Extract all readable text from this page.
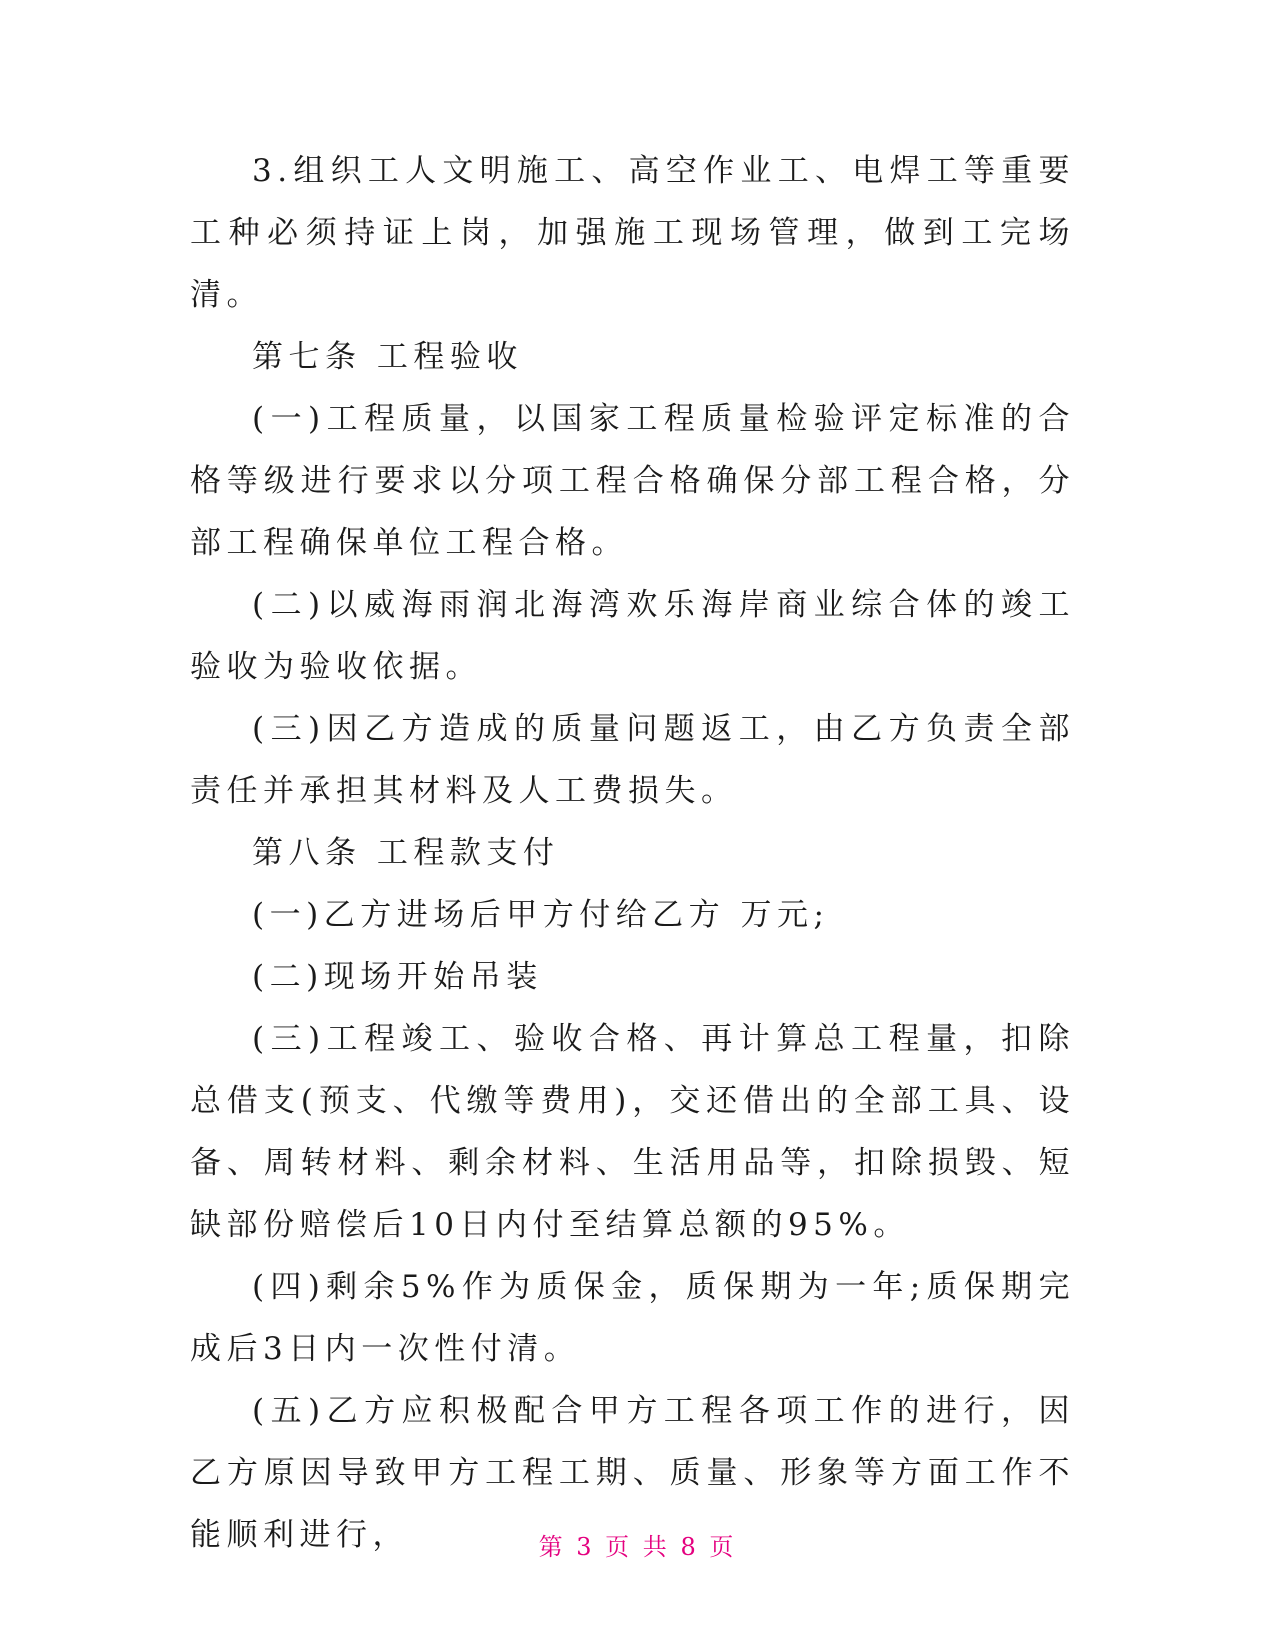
3.组织工人文明施工、高空作业工、电焊工等重要工种必须持证上岗，加强施工现场管理，做到工完场清。

第七条 工程验收

(一)工程质量，以国家工程质量检验评定标准的合格等级进行要求以分项工程合格确保分部工程合格，分部工程确保单位工程合格。

(二)以威海雨润北海湾欢乐海岸商业综合体的竣工验收为验收依据。

(三)因乙方造成的质量问题返工，由乙方负责全部责任并承担其材料及人工费损失。

第八条 工程款支付

(一)乙方进场后甲方付给乙方 万元;

(二)现场开始吊装

(三)工程竣工、验收合格、再计算总工程量，扣除总借支(预支、代缴等费用)，交还借出的全部工具、设备、周转材料、剩余材料、生活用品等，扣除损毁、短缺部份赔偿后10日内付至结算总额的95%。

(四)剩余5%作为质保金，质保期为一年;质保期完成后3日内一次性付清。

(五)乙方应积极配合甲方工程各项工作的进行，因乙方原因导致甲方工程工期、质量、形象等方面工作不能顺利进行，	第 3 页 共 8 页
